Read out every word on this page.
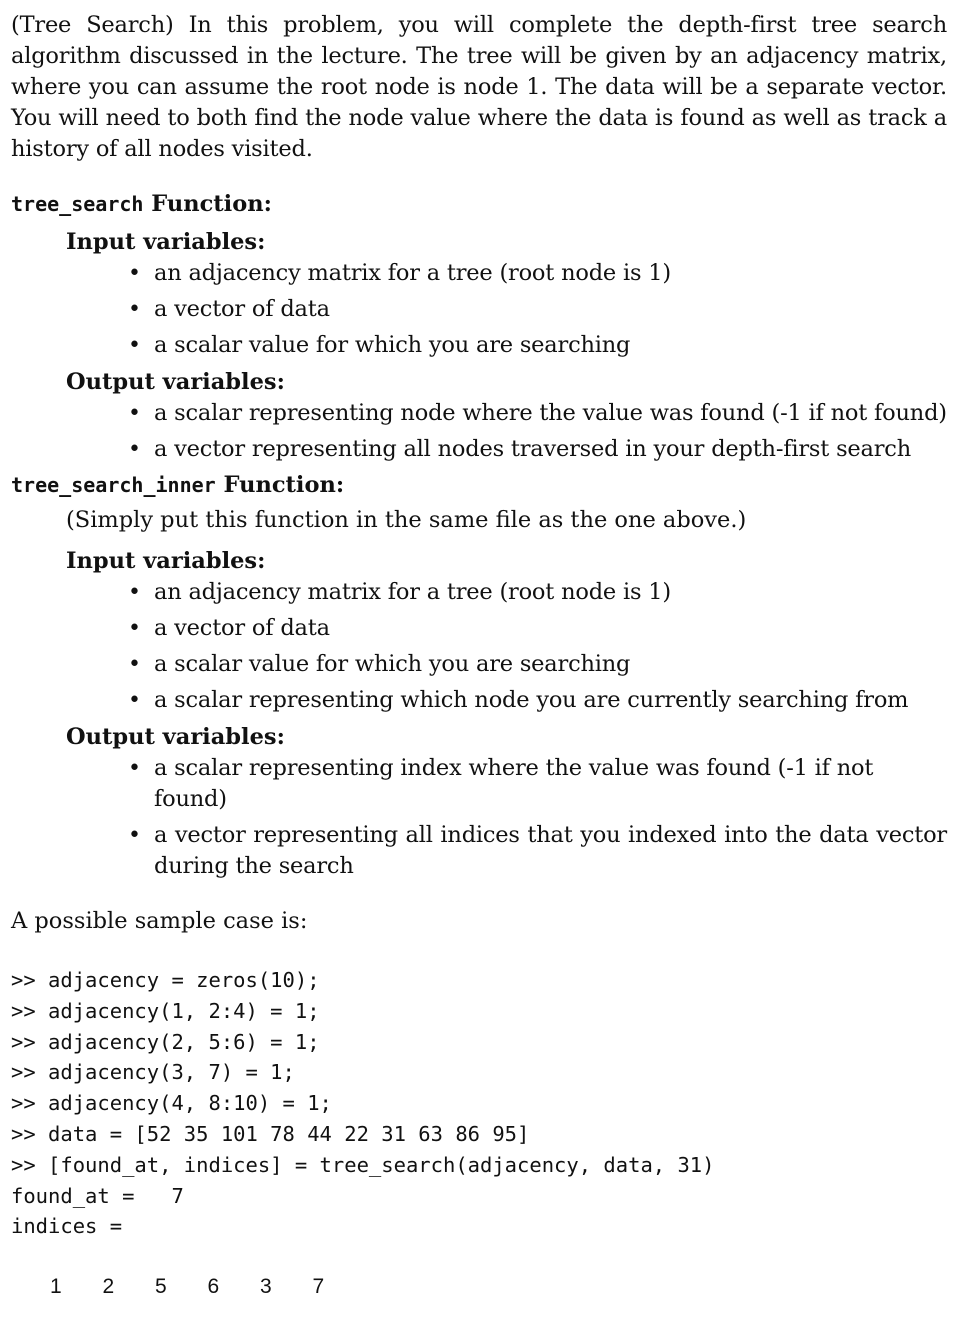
(Tree Search) In this problem, you will complete the depth-first tree search algorithm discussed in the lecture. The tree will be given by an adjacency matrix, where you can assume the root node is node 1. The data will be a separate vector. You will need to both find the node value where the data is found as well as track a history of all nodes visited.

tree_search Function:

Input variables:

• an adjacency matrix for a tree (root node is 1)
• a vector of data
• a scalar value for which you are searching

Output variables:

• a scalar representing node where the value was found (-1 if not found)
• a vector representing all nodes traversed in your depth-first search

tree_search_inner Function:

(Simply put this function in the same file as the one above.)

Input variables:

• an adjacency matrix for a tree (root node is 1)
• a vector of data
• a scalar value for which you are searching
• a scalar representing which node you are currently searching from

Output variables:

• a scalar representing index where the value was found (-1 if not found)
• a vector representing all indices that you indexed into the data vector during the search

A possible sample case is:

>> adjacency = zeros(10);

>> adjacency(1, 2:4) = 1;

>> adjacency(2, 5:6) = 1;

>> adjacency(3, 7) = 1;

>> adjacency(4, 8:10) = 1;

>> data = [52 35 101 78 44 22 31 63 86 95]

>> [found_at, indices] = tree_search(adjacency, data, 31)

found_at =   7

indices =

1 2 5 6 3 7
